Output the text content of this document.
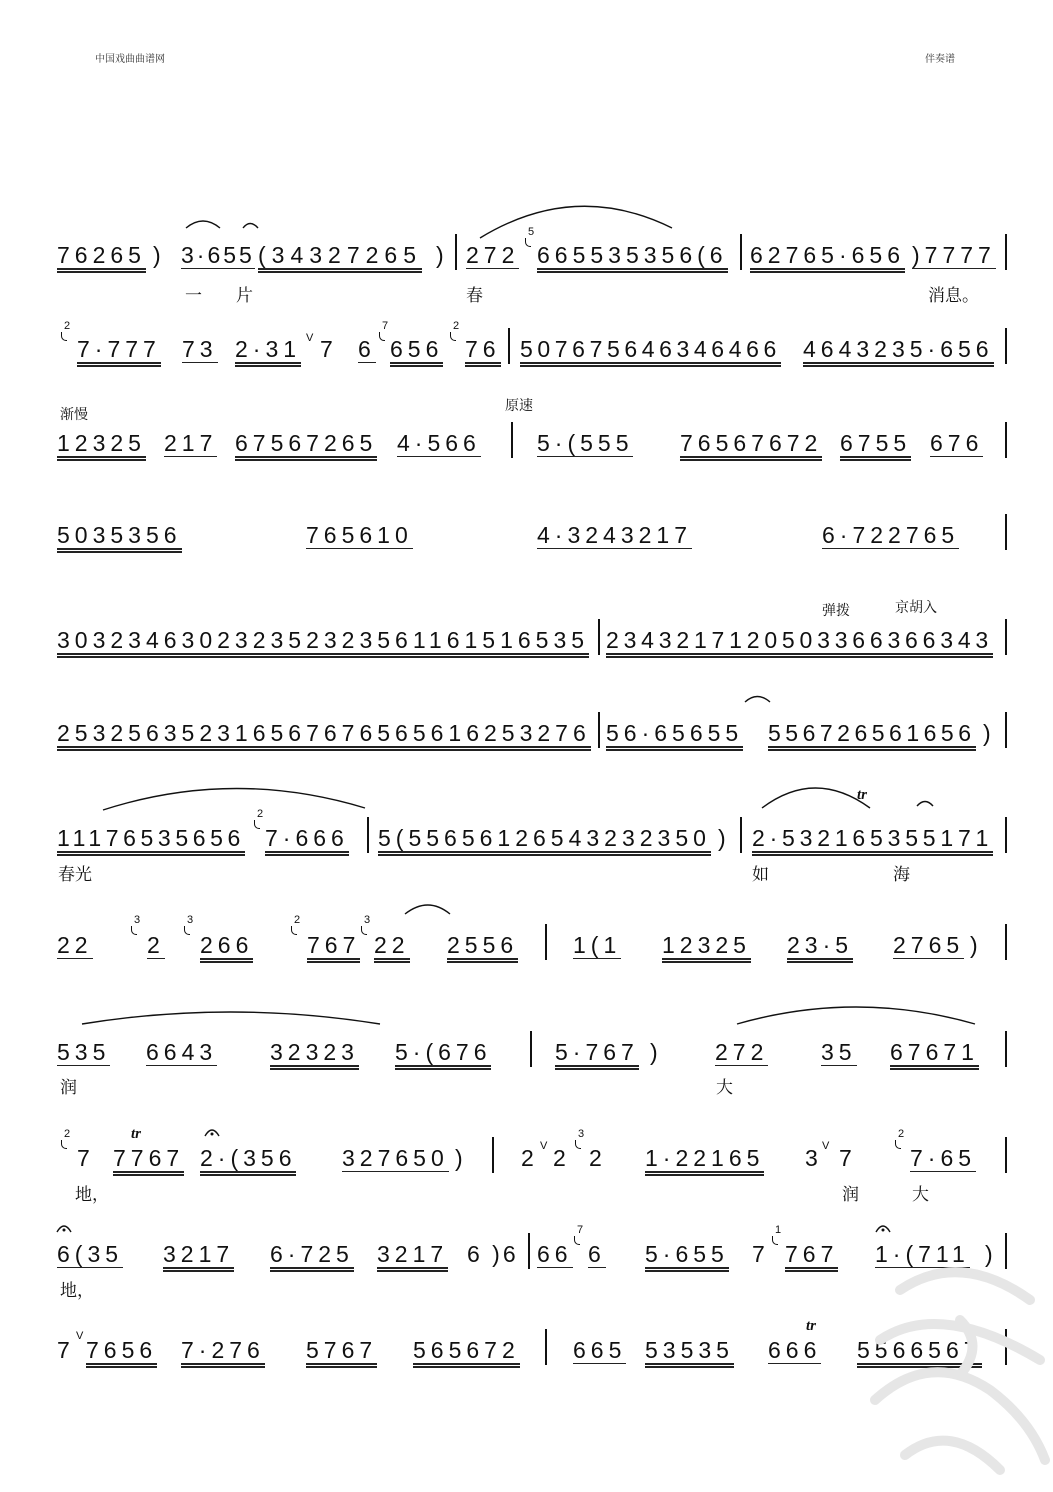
中国戏曲曲谱网	伴奏谱
76265 ) 3·655 (34327265 ) 272
5
665535356(6 62765·656 )7777
一 片	春	消息。
2
7·777 73 2·31 V 7 6
7
656
2
76 507675646346466 4643235·656
渐慢
原速
12325 217 67567265 4·566 5·(555 76567672 6755 676
5035356	765610	4·3243217	6·722765
弹拨	京胡入
303234630232352323561161516535 2343217120503366366343
253256352316567676565616253276 56·65655 556726561656 )
11176535656
2
7·666 5(55656126543232350 ) 2·532165355171
tr
春光	如	海
22
3
2
3
266
2
767
3
22 2556 1(1 12325 23·5 2765 )
535 6643 32323 5·(676	5·767 ) 272 35 67671
润	大
2
7
tr
7767 2·(356 327650 ) 2 V 2
3
2 1·22165 3 V 7
2
7·65
地，	润	大
6(35 3217 6·725 3217 6 )6 66
7
6 5·655 7
1
767 1·(711 )
地，
7
V
7656 7·276 5767 565672 665 53535
tr
666 5566567
